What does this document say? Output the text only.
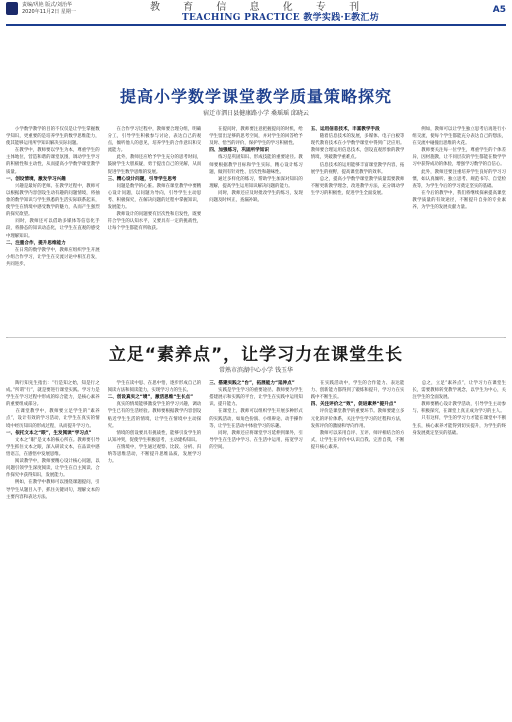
责编/巩艳 版式/刘治华
2020年11月2日 星期一	教 育 信 息 化 专 刊
TEACHING PRACTICE 教学实践·E教汇坊
A5
提高小学数学课堂教学质量策略探究
宿迁市泗日县健康路小学 桑瑶瑶 邱晓云
　　小学数学教学的目的不仅仅是让学生掌握数学知识，更重要的是培养学生的数学思维能力，使其能够运用所学知识解决实际问题。
　　在教学中，教师要以学生为本，尊重学生的主体地位，营造和谐的课堂氛围，调动学生学习的积极性和主动性，从而提高小学数学课堂教学质量。
一、创设情境，激发学习兴趣
　　兴趣是最好的老师。在教学过程中，教师可以根据教学内容创设生动有趣的问题情境，将抽象的数学知识与学生熟悉的生活实际联系起来，使学生在情境中感受数学的魅力，从而产生强烈的探究欲望。
　　同时，教师还可以借助多媒体等信息化手段，将静态的知识动态化，让学生在直观的感受中理解知识。
二、注重合作，提升思维能力
　　在日常的数学教学中，教师应组织学生开展小组合作学习，让学生在交流讨论中相互启发，共同进步。
　　在合作学习过程中，教师要合理分组，明确分工，引导学生积极参与讨论，表达自己的观点，倾听他人的意见，培养学生的合作意识和交流能力。
　　此外，教师还应给予学生充分的思考时间，鼓励学生大胆质疑，勇于提出自己的见解，从而促进学生数学思维的发展。
三、精心设计问题，引导学生思考
　　问题是数学的心脏。教师在课堂教学中要精心设计问题，以问题为导向，引导学生主动思考、积极探究，在解决问题的过程中掌握知识，发展能力。
　　教师设计的问题要有层次性和启发性，既要符合学生的认知水平，又要具有一定的挑战性，让每个学生都能有所收获。
　　在提问时，教师要注意把握提问的时机，给学生留出足够的思考空间，并对学生的回答给予及时、恰当的评价，保护学生的学习积极性。
四、加强练习，巩固所学知识
　　练习是巩固知识、形成技能的重要途径。教师要根据教学目标和学生实际，精心设计练习题，做到有针对性、层次性和趣味性。
　　通过多样化的练习，帮助学生加深对知识的理解，提高学生运用知识解决问题的能力。
　　同时，教师还应及时批改学生的练习，发现问题及时纠正，查漏补缺。
五、运用信息技术，丰富教学手段
　　随着信息技术的发展，多媒体、电子白板等现代教育技术在小学数学课堂中得到广泛应用。教师要合理运用信息技术，创设直观形象的教学情境，突破教学重难点。
　　信息技术的运用能够丰富课堂教学内容，拓展学生的视野，提高课堂教学的效率。
　　总之，提高小学数学课堂教学质量需要教师不断更新教学理念，改进教学方法，充分调动学生学习的积极性，促进学生全面发展。
　　例如，教师可以让学生独立思考后再进行小组交流，使每个学生都能充分表达自己的想法，在交流中碰撞出思维的火花。
　　教师要关注每一位学生，尊重学生的个体差异，因材施教，让不同层次的学生都能在数学学习中获得成功的体验，增强学习数学的自信心。
　　此外，教师还要注重培养学生良好的学习习惯，如认真倾听、独立思考、规范书写、自觉检查等，为学生今后的学习奠定坚实的基础。
　　在今后的教学中，我们将继续探索提高课堂教学质量的有效途径，不断提升自身的专业素养，为学生的发展贡献力量。
立足“素养点”，让学习力在课堂生长
常熟市滨湖中心小学 钱玉华
　　陶行知先生指出：“行是知之始，知是行之成。”所谓“行”，就是要进行课堂实践。学习力是学生在学习过程中形成的综合能力，是核心素养的重要组成部分。
　　在课堂教学中，教师要立足学生的“素养点”，设计有效的学习活动，让学生在真实的情境中经历知识的形成过程，从而提升学习力。
一、依托文本之“眼”，生发阅读“学习点”
　　文本之“眼”是文本的核心所在。教师要引导学生抓住文本之眼，深入研读文本，在品读中感悟语言，在感悟中发展思维。
　　阅读教学中，教师要精心设计核心问题，以问题引领学生深度阅读，让学生在自主阅读、合作探究中获得知识，发展能力。
　　例如，在教学中教师可以围绕课题提问，引导学生从题目入手，抓住关键词句，理解文本的主要内容和表达方法。
　　学生在读中思、在思中悟，逐步形成自己的阅读方法和阅读能力，实现学习力的生长。
二、创设真实之“境”，激活思维“生长点”
　　真实的情境能够激发学生的学习兴趣，调动学生已有的生活经验。教师要根据教学内容创设贴近学生生活的情境，让学生在情境中主动探究。
　　情境的创设要具有挑战性，能够引发学生的认知冲突，促使学生积极思考，主动建构知识。
　　在情境中，学生通过观察、比较、分析、归纳等思维活动，不断提升思维品质，发展学习力。
三、搭建实践之“台”，拓展能力“延伸点”
　　实践是学生学习的重要途径。教师要为学生搭建展示和实践的平台，让学生在实践中运用知识、提升能力。
　　在课堂上，教师可以组织学生开展多种形式的实践活动，如角色扮演、小组辩论、动手操作等，让学生在活动中体验学习的乐趣。
　　同时，教师还应将课堂学习延伸到课外，引导学生在生活中学习、在生活中运用，拓宽学习的空间。
　　在实践活动中，学生的合作能力、表达能力、创新能力都得到了锻炼和提升，学习力在实践中不断生长。
四、关注评价之“效”，促进素养“提升点”
　　评价是课堂教学的重要环节。教师要建立多元化的评价体系，关注学生学习的过程和方法，发挥评价的激励和导向作用。
　　教师可以采用自评、互评、师评相结合的方式，让学生在评价中认识自我、完善自我，不断提升核心素养。
　　总之，立足“素养点”，让学习力在课堂生长，需要教师转变教学观念，以学生为中心，关注学生的全面发展。
　　教师要精心设计教学活动，引导学生主动参与、积极探究，在课堂上真正成为学习的主人。
　　只有这样，学生的学习力才能在课堂中不断生长，核心素养才能得到切实提升，为学生的终身发展奠定坚实的基础。
